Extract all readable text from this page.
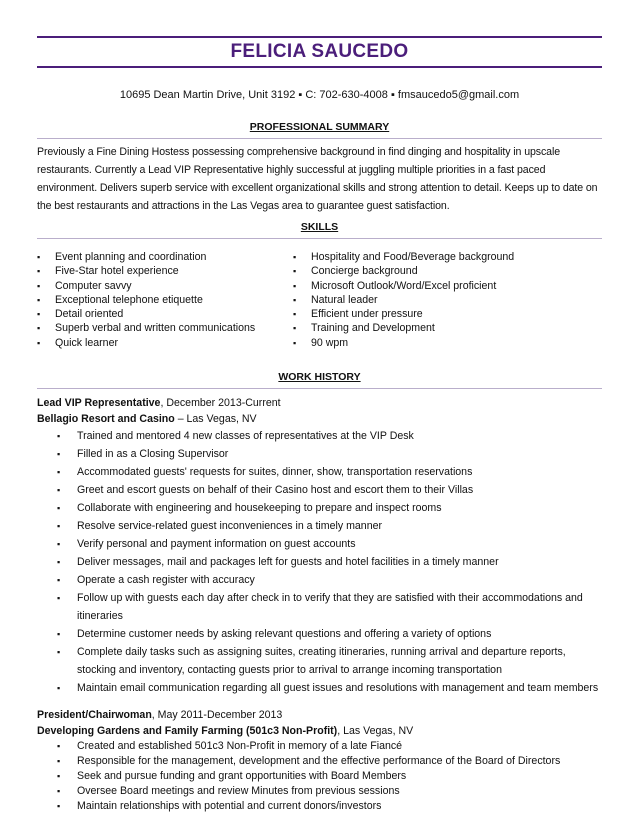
FELICIA SAUCEDO
10695 Dean Martin Drive, Unit 3192 ▪ C: 702-630-4008 ▪ fmsaucedo5@gmail.com
PROFESSIONAL SUMMARY
Previously a Fine Dining Hostess possessing comprehensive background in find dinging and hospitality in upscale restaurants. Currently a Lead VIP Representative highly successful at juggling multiple priorities in a fast paced environment. Delivers superb service with excellent organizational skills and strong attention to detail. Keeps up to date on the best restaurants and attractions in the Las Vegas area to guarantee guest satisfaction.
SKILLS
▪ Event planning and coordination
▪ Five-Star hotel experience
▪ Computer savvy
▪ Exceptional telephone etiquette
▪ Detail oriented
▪ Superb verbal and written communications
▪ Quick learner
▪ Hospitality and Food/Beverage background
▪ Concierge background
▪ Microsoft Outlook/Word/Excel proficient
▪ Natural leader
▪ Efficient under pressure
▪ Training and Development
▪ 90 wpm
WORK HISTORY
Lead VIP Representative, December 2013-Current
Bellagio Resort and Casino – Las Vegas, NV
▪ Trained and mentored 4 new classes of representatives at the VIP Desk
▪ Filled in as a Closing Supervisor
▪ Accommodated guests' requests for suites, dinner, show, transportation reservations
▪ Greet and escort guests on behalf of their Casino host and escort them to their Villas
▪ Collaborate with engineering and housekeeping to prepare and inspect rooms
▪ Resolve service-related guest inconveniences in a timely manner
▪ Verify personal and payment information on guest accounts
▪ Deliver messages, mail and packages left for guests and hotel facilities in a timely manner
▪ Operate a cash register with accuracy
▪ Follow up with guests each day after check in to verify that they are satisfied with their accommodations and itineraries
▪ Determine customer needs by asking relevant questions and offering a variety of options
▪ Complete daily tasks such as assigning suites, creating itineraries, running arrival and departure reports, stocking and inventory, contacting guests prior to arrival to arrange incoming transportation
▪ Maintain email communication regarding all guest issues and resolutions with management and team members
President/Chairwoman, May 2011-December 2013
Developing Gardens and Family Farming (501c3 Non-Profit), Las Vegas, NV
▪ Created and established 501c3 Non-Profit in memory of a late Fiancé
▪ Responsible for the management, development and the effective performance of the Board of Directors
▪ Seek and pursue funding and grant opportunities with Board Members
▪ Oversee Board meetings and review Minutes from previous sessions
▪ Maintain relationships with potential and current donors/investors
